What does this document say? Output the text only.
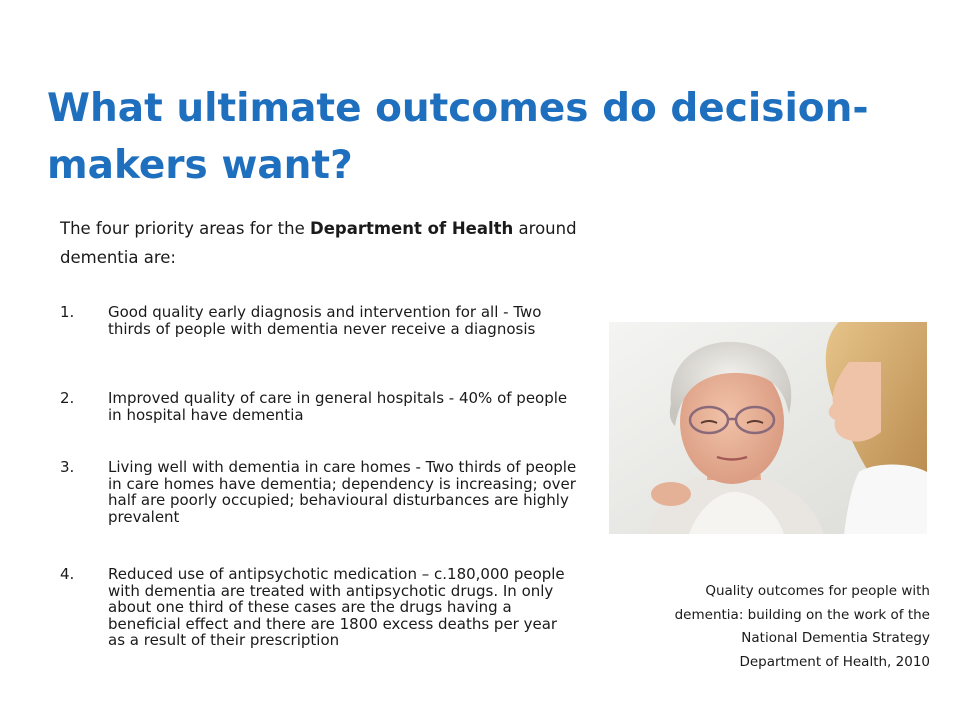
What ultimate outcomes do decision-makers want?

The four priority areas for the Department of Health around dementia are:

1.	Good quality early diagnosis and intervention for all - Two thirds of people with dementia never receive a diagnosis
2.	Improved quality of care in general hospitals - 40% of people in hospital have dementia
3.	Living well with dementia in care homes - Two thirds of people in care homes have dementia; dependency is increasing; over half are poorly occupied; behavioural disturbances are highly prevalent
4.	Reduced use of antipsychotic medication – c.180,000 people with dementia are treated with antipsychotic drugs. In only about one third of these cases are the drugs having a beneficial effect and there are 1800 excess deaths per year as a result of their prescription

Quality outcomes for people with
dementia: building on the work of the
National Dementia Strategy
Department of Health, 2010
